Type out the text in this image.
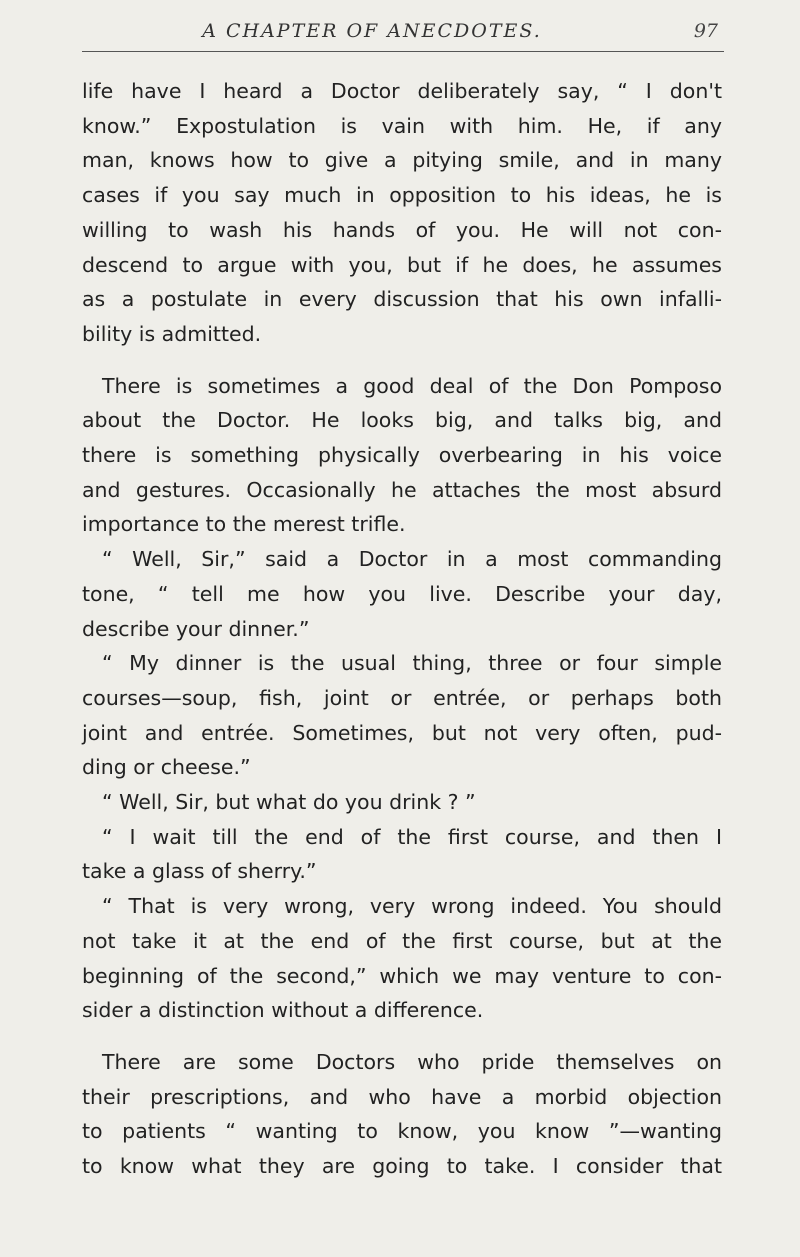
A CHAPTER OF ANECDOTES.	97

life have I heard a Doctor deliberately say, “ I don't
know.” Expostulation is vain with him. He, if any
man, knows how to give a pitying smile, and in many
cases if you say much in opposition to his ideas, he is
willing to wash his hands of you. He will not con-
descend to argue with you, but if he does, he assumes
as a postulate in every discussion that his own infalli-
bility is admitted.

There is sometimes a good deal of the Don Pomposo
about the Doctor. He looks big, and talks big, and
there is something physically overbearing in his voice
and gestures. Occasionally he attaches the most absurd
importance to the merest trifle.

“ Well, Sir,” said a Doctor in a most commanding
tone, “ tell me how you live. Describe your day,
describe your dinner.”

“ My dinner is the usual thing, three or four simple
courses—soup, fish, joint or entrée, or perhaps both
joint and entrée. Sometimes, but not very often, pud-
ding or cheese.”

“ Well, Sir, but what do you drink ? ”

“ I wait till the end of the first course, and then I
take a glass of sherry.”

“ That is very wrong, very wrong indeed. You should
not take it at the end of the first course, but at the
beginning of the second,” which we may venture to con-
sider a distinction without a difference.

There are some Doctors who pride themselves on
their prescriptions, and who have a morbid objection
to patients “ wanting to know, you know ”—wanting
to know what they are going to take. I consider that
